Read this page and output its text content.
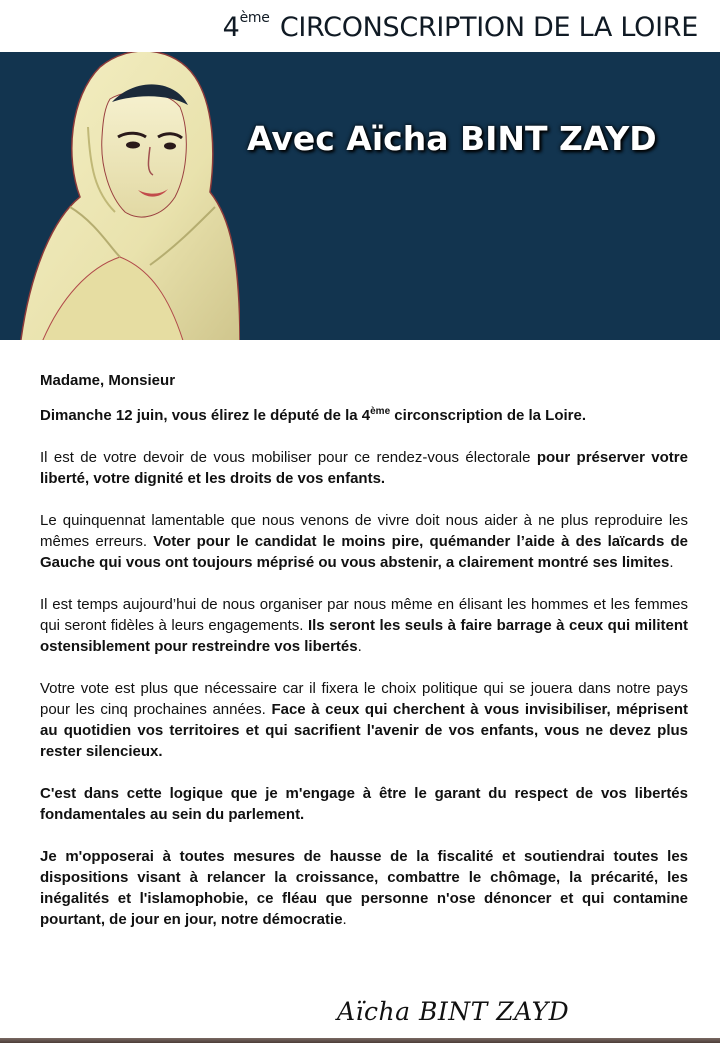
4ème CIRCONSCRIPTION DE LA LOIRE
Avec Aïcha BINT ZAYD

Madame, Monsieur

Dimanche 12 juin, vous élirez le député de la 4ème circonscription de la Loire.

Il est de votre devoir de vous mobiliser pour ce rendez-vous électorale pour préserver votre liberté, votre dignité et les droits de vos enfants.

Le quinquennat lamentable que nous venons de vivre doit nous aider à ne plus reproduire les mêmes erreurs. Voter pour le candidat le moins pire, quémander l’aide à des laïcards de Gauche qui vous ont toujours méprisé ou vous abstenir, a clairement montré ses limites.

Il est temps aujourd’hui de nous organiser par nous même en élisant les hommes et les femmes qui seront fidèles à leurs engagements. Ils seront les seuls à faire barrage à ceux qui militent ostensiblement pour restreindre vos libertés.

Votre vote est plus que nécessaire car il fixera le choix politique qui se jouera dans notre pays pour les cinq prochaines années. Face à ceux qui cherchent à vous invisibiliser, méprisent au quotidien vos territoires et qui sacrifient l'avenir de vos enfants, vous ne devez plus rester silencieux.

C'est dans cette logique que je m'engage à être le garant du respect de vos libertés fondamentales au sein du parlement.

Je m'opposerai à toutes mesures de hausse de la fiscalité et soutiendrai toutes les dispositions visant à relancer la croissance, combattre le chômage, la précarité, les inégalités et l'islamophobie, ce fléau que personne n'ose dénoncer et qui contamine pourtant, de jour en jour, notre démocratie.

Aïcha BINT ZAYD
